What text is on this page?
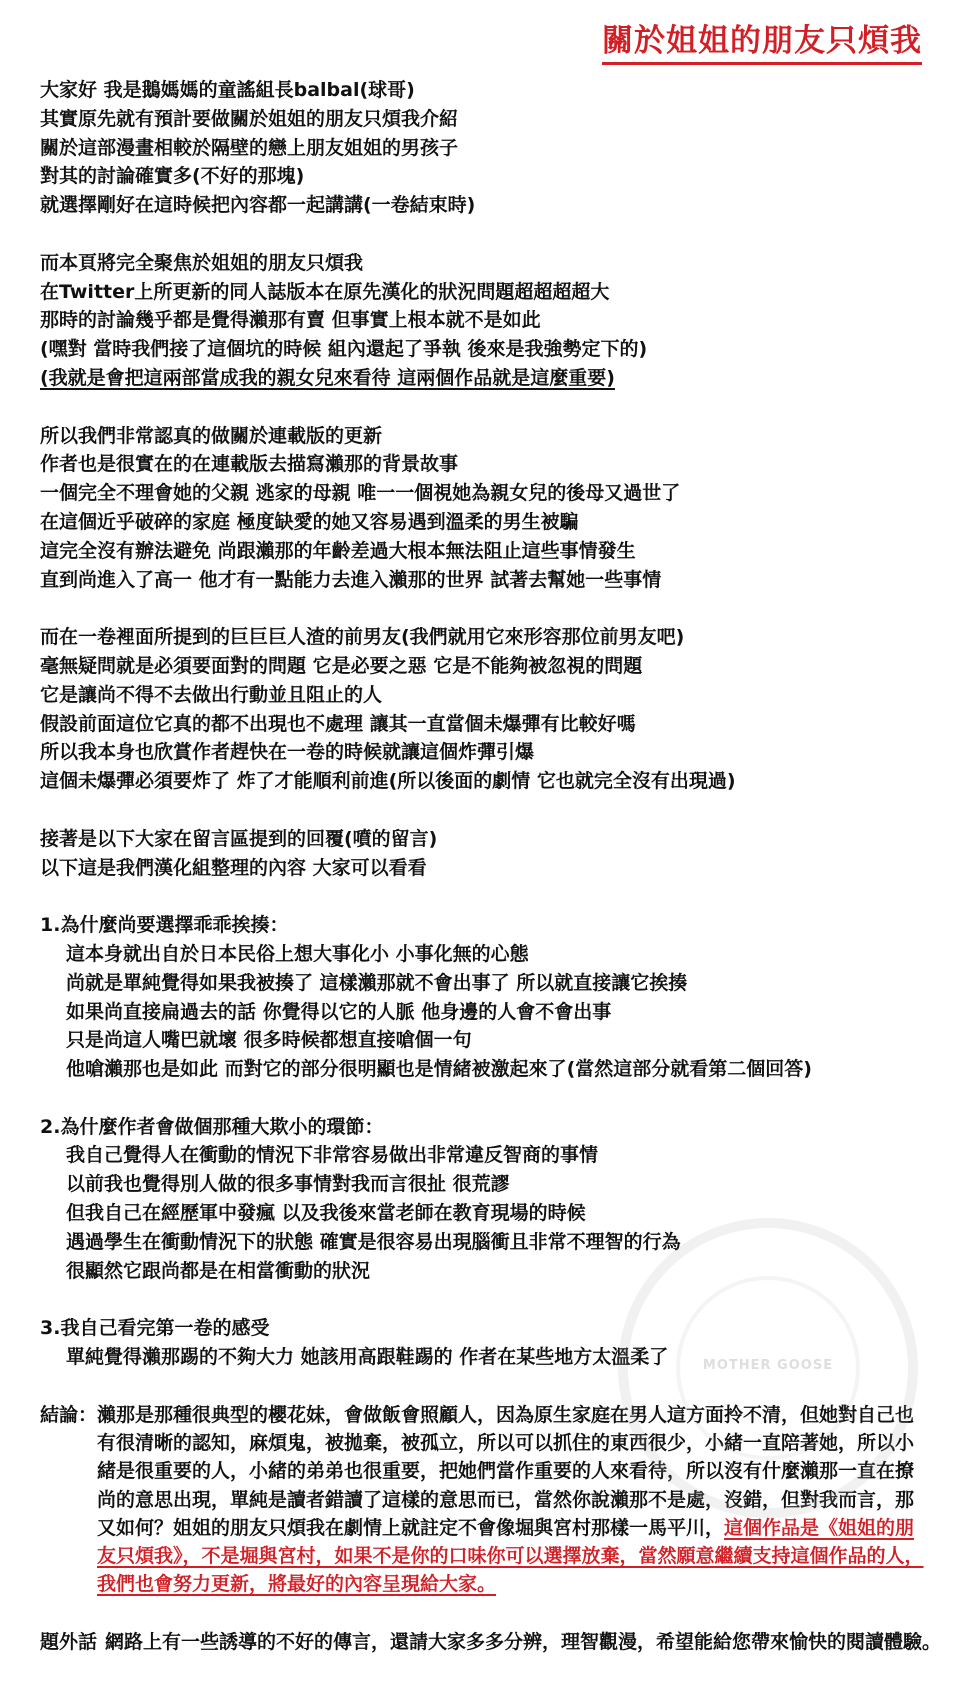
關於姐姐的朋友只煩我
大家好 我是鵝媽媽的童謠組長balbal(球哥)
其實原先就有預計要做關於姐姐的朋友只煩我介紹
關於這部漫畫相較於隔壁的戀上朋友姐姐的男孩子
對其的討論確實多(不好的那塊)
就選擇剛好在這時候把內容都一起講講(一卷結束時)
而本頁將完全聚焦於姐姐的朋友只煩我
在Twitter上所更新的同人誌版本在原先漢化的狀況問題超超超超大
那時的討論幾乎都是覺得瀨那有賣 但事實上根本就不是如此
(嘿對 當時我們接了這個坑的時候 組內還起了爭執 後來是我強勢定下的)
(我就是會把這兩部當成我的親女兒來看待 這兩個作品就是這麼重要)
所以我們非常認真的做關於連載版的更新
作者也是很實在的在連載版去描寫瀨那的背景故事
一個完全不理會她的父親 逃家的母親 唯一一個視她為親女兒的後母又過世了
在這個近乎破碎的家庭 極度缺愛的她又容易遇到溫柔的男生被騙
這完全沒有辦法避免 尚跟瀨那的年齡差過大根本無法阻止這些事情發生
直到尚進入了高一 他才有一點能力去進入瀨那的世界 試著去幫她一些事情
而在一卷裡面所提到的巨巨巨人渣的前男友(我們就用它來形容那位前男友吧)
毫無疑問就是必須要面對的問題 它是必要之惡 它是不能夠被忽視的問題
它是讓尚不得不去做出行動並且阻止的人
假設前面這位它真的都不出現也不處理 讓其一直當個未爆彈有比較好嗎
所以我本身也欣賞作者趕快在一卷的時候就讓這個炸彈引爆
這個未爆彈必須要炸了 炸了才能順利前進(所以後面的劇情 它也就完全沒有出現過)
接著是以下大家在留言區提到的回覆(噴的留言)
以下這是我們漢化組整理的內容 大家可以看看
1.為什麼尚要選擇乖乖挨揍：
這本身就出自於日本民俗上想大事化小 小事化無的心態
尚就是單純覺得如果我被揍了 這樣瀨那就不會出事了 所以就直接讓它挨揍
如果尚直接扁過去的話 你覺得以它的人脈 他身邊的人會不會出事
只是尚這人嘴巴就壞 很多時候都想直接嗆個一句
他嗆瀨那也是如此 而對它的部分很明顯也是情緒被激起來了(當然這部分就看第二個回答)
2.為什麼作者會做個那種大欺小的環節：
我自己覺得人在衝動的情況下非常容易做出非常違反智商的事情
以前我也覺得別人做的很多事情對我而言很扯 很荒謬
但我自己在經歷軍中發瘋 以及我後來當老師在教育現場的時候
遇過學生在衝動情況下的狀態 確實是很容易出現腦衝且非常不理智的行為
很顯然它跟尚都是在相當衝動的狀況
3.我自己看完第一卷的感受
單純覺得瀨那踢的不夠大力 她該用高跟鞋踢的 作者在某些地方太溫柔了
結論： 瀨那是那種很典型的櫻花妹，會做飯會照顧人，因為原生家庭在男人這方面拎不清，但她對自己也有很清晰的認知，麻煩鬼，被拋棄，被孤立，所以可以抓住的東西很少，小緒一直陪著她，所以小緒是很重要的人，小緒的弟弟也很重要，把她們當作重要的人來看待，所以沒有什麼瀨那一直在撩尚的意思出現，單純是讀者錯讀了這樣的意思而已，當然你說瀨那不是處，沒錯，但對我而言，那又如何？姐姐的朋友只煩我在劇情上就註定不會像堀與宮村那樣一馬平川，這個作品是《姐姐的朋友只煩我》，不是堀與宮村，如果不是你的口味你可以選擇放棄，當然願意繼續支持這個作品的人，我們也會努力更新，將最好的內容呈現給大家。
題外話 網路上有一些誘導的不好的傳言，還請大家多多分辨，理智觀漫，希望能給您帶來愉快的閱讀體驗。
MOTHER GOOSE
